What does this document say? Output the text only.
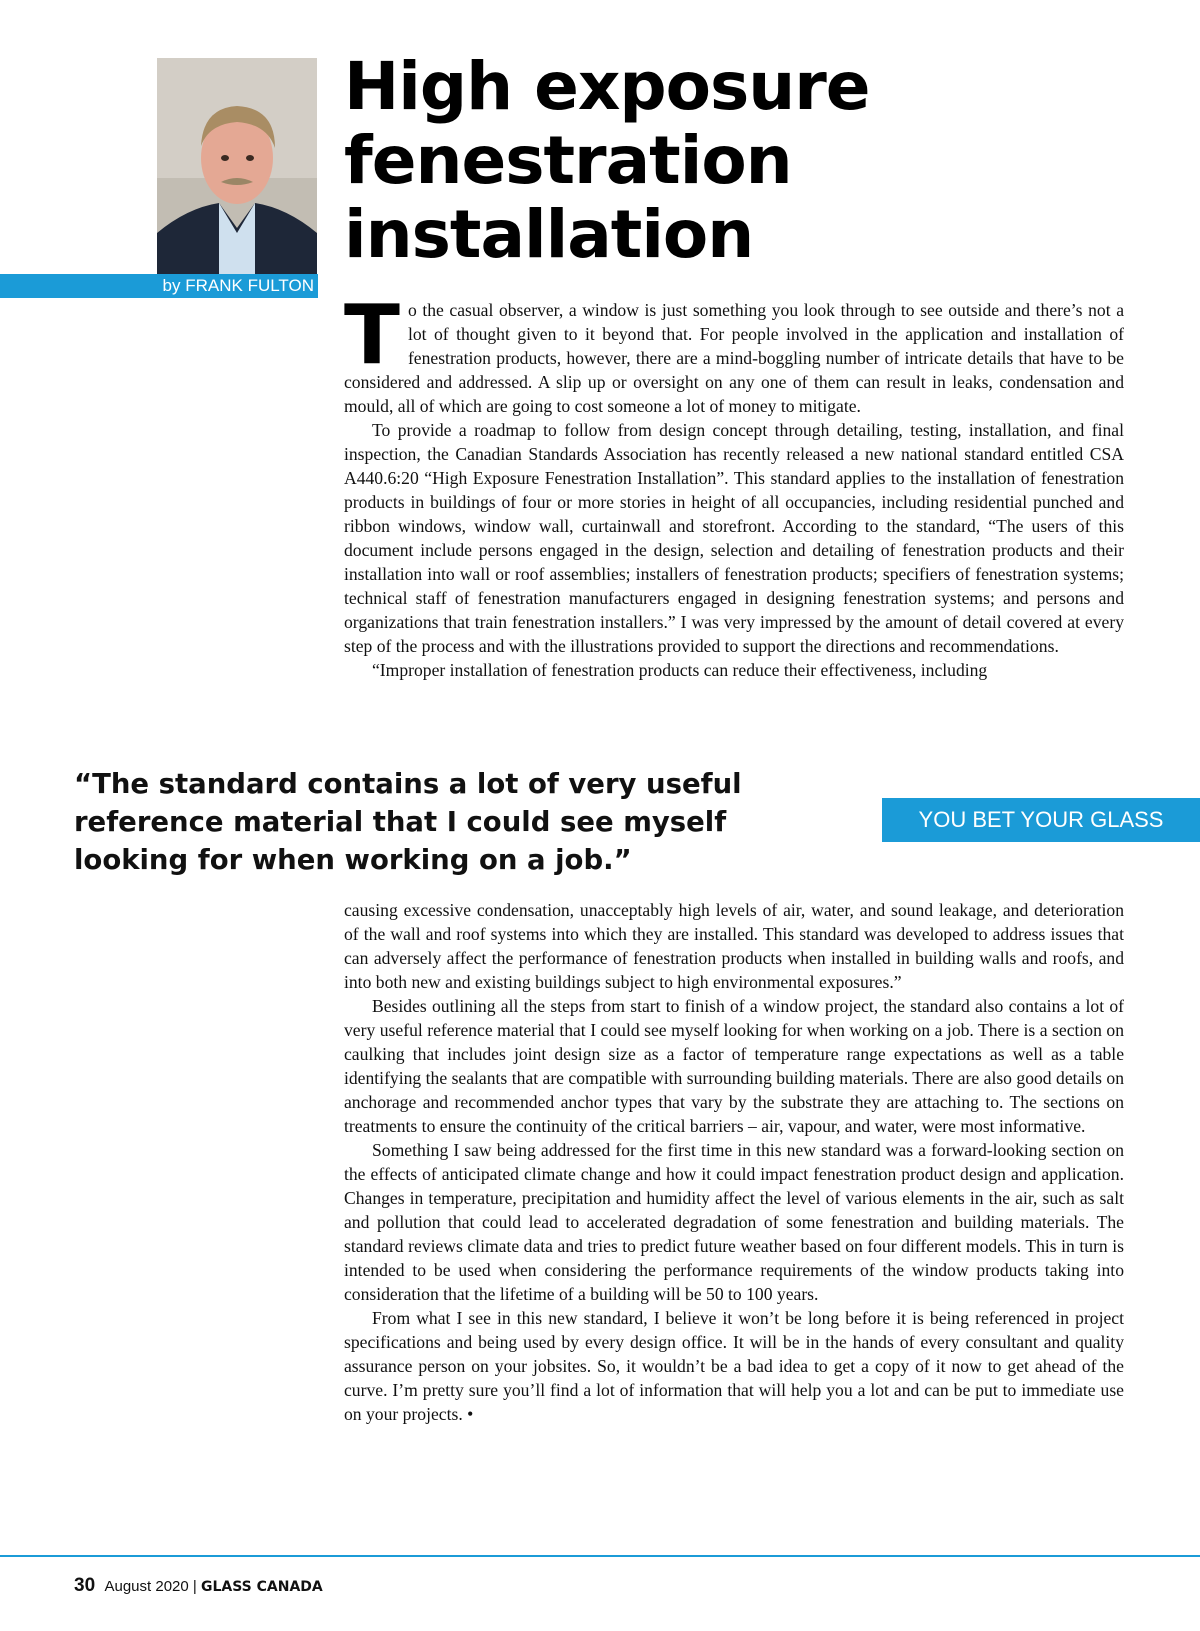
by FRANK FULTON
High exposure fenestration installation

To the casual observer, a window is just something you look through to see outside and there’s not a lot of thought given to it beyond that. For people involved in the application and installation of fenestration products, however, there are a mind-boggling number of intricate details that have to be considered and addressed. A slip up or oversight on any one of them can result in leaks, condensation and mould, all of which are going to cost someone a lot of money to mitigate.

To provide a roadmap to follow from design concept through detailing, testing, installation, and final inspection, the Canadian Standards Association has recently released a new national standard entitled CSA A440.6:20 “High Exposure Fenestration Installation”. This standard applies to the installation of fenestration products in buildings of four or more stories in height of all occupancies, including residential punched and ribbon windows, window wall, curtainwall and storefront. According to the standard, “The users of this document include persons engaged in the design, selection and detailing of fenestration products and their installation into wall or roof assemblies; installers of fenestration products; specifiers of fenestration systems; technical staff of fenestration manufacturers engaged in designing fenestration systems; and persons and organizations that train fenestration installers.” I was very impressed by the amount of detail covered at every step of the process and with the illustrations provided to support the directions and recommendations.

“Improper installation of fenestration products can reduce their effectiveness, including

“The standard contains a lot of very useful reference material that I could see myself looking for when working on a job.”

YOU BET YOUR GLASS

causing excessive condensation, unacceptably high levels of air, water, and sound leakage, and deterioration of the wall and roof systems into which they are installed. This standard was developed to address issues that can adversely affect the performance of fenestration products when installed in building walls and roofs, and into both new and existing buildings subject to high environmental exposures.”

Besides outlining all the steps from start to finish of a window project, the standard also contains a lot of very useful reference material that I could see myself looking for when working on a job. There is a section on caulking that includes joint design size as a factor of temperature range expectations as well as a table identifying the sealants that are compatible with surrounding building materials. There are also good details on anchorage and recommended anchor types that vary by the substrate they are attaching to. The sections on treatments to ensure the continuity of the critical barriers – air, vapour, and water, were most informative.

Something I saw being addressed for the first time in this new standard was a forward-looking section on the effects of anticipated climate change and how it could impact fenestration product design and application. Changes in temperature, precipitation and humidity affect the level of various elements in the air, such as salt and pollution that could lead to accelerated degradation of some fenestration and building materials. The standard reviews climate data and tries to predict future weather based on four different models. This in turn is intended to be used when considering the performance requirements of the window products taking into consideration that the lifetime of a building will be 50 to 100 years.

From what I see in this new standard, I believe it won’t be long before it is being referenced in project specifications and being used by every design office. It will be in the hands of every consultant and quality assurance person on your jobsites. So, it wouldn’t be a bad idea to get a copy of it now to get ahead of the curve. I’m pretty sure you’ll find a lot of information that will help you a lot and can be put to immediate use on your projects. •

30 August 2020 | GLASS CANADA
